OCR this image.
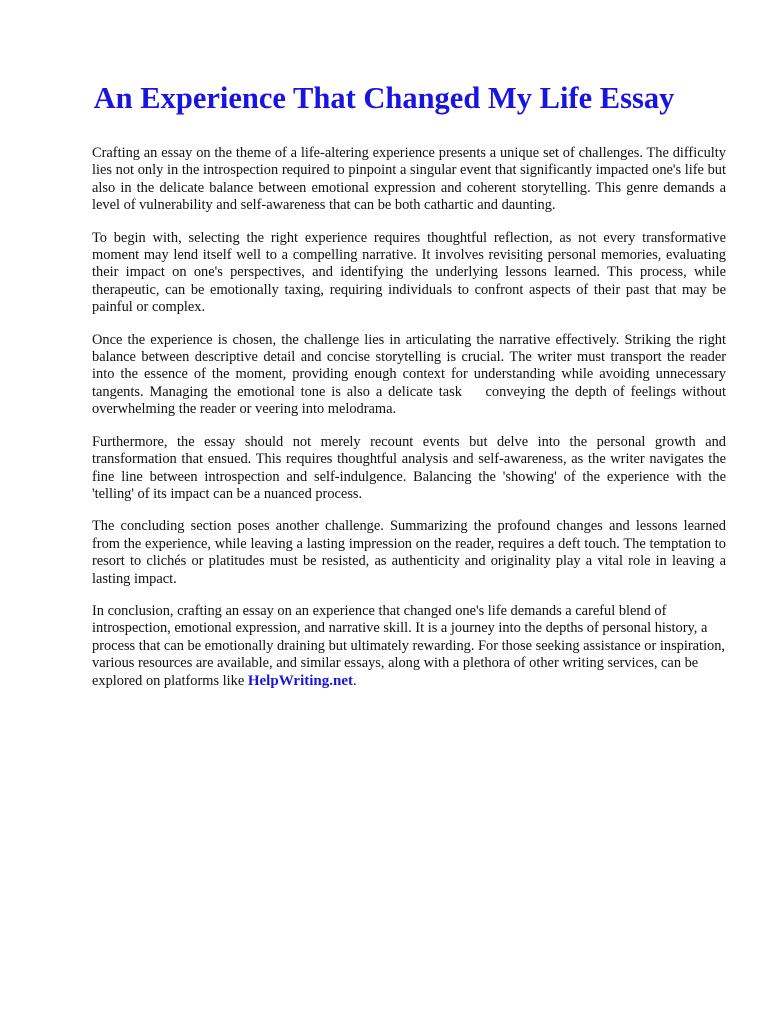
An Experience That Changed My Life Essay

Crafting an essay on the theme of a life-altering experience presents a unique set of challenges. The difficulty lies not only in the introspection required to pinpoint a singular event that significantly impacted one's life but also in the delicate balance between emotional expression and coherent storytelling. This genre demands a level of vulnerability and self-awareness that can be both cathartic and daunting.

To begin with, selecting the right experience requires thoughtful reflection, as not every transformative moment may lend itself well to a compelling narrative. It involves revisiting personal memories, evaluating their impact on one's perspectives, and identifying the underlying lessons learned. This process, while therapeutic, can be emotionally taxing, requiring individuals to confront aspects of their past that may be painful or complex.

Once the experience is chosen, the challenge lies in articulating the narrative effectively. Striking the right balance between descriptive detail and concise storytelling is crucial. The writer must transport the reader into the essence of the moment, providing enough context for understanding while avoiding unnecessary tangents. Managing the emotional tone is also a delicate task    conveying the depth of feelings without overwhelming the reader or veering into melodrama.

Furthermore, the essay should not merely recount events but delve into the personal growth and transformation that ensued. This requires thoughtful analysis and self-awareness, as the writer navigates the fine line between introspection and self-indulgence. Balancing the 'showing' of the experience with the 'telling' of its impact can be a nuanced process.

The concluding section poses another challenge. Summarizing the profound changes and lessons learned from the experience, while leaving a lasting impression on the reader, requires a deft touch. The temptation to resort to clichés or platitudes must be resisted, as authenticity and originality play a vital role in leaving a lasting impact.

In conclusion, crafting an essay on an experience that changed one's life demands a careful blend of introspection, emotional expression, and narrative skill. It is a journey into the depths of personal history, a process that can be emotionally draining but ultimately rewarding. For those seeking assistance or inspiration, various resources are available, and similar essays, along with a plethora of other writing services, can be explored on platforms like HelpWriting.net.
